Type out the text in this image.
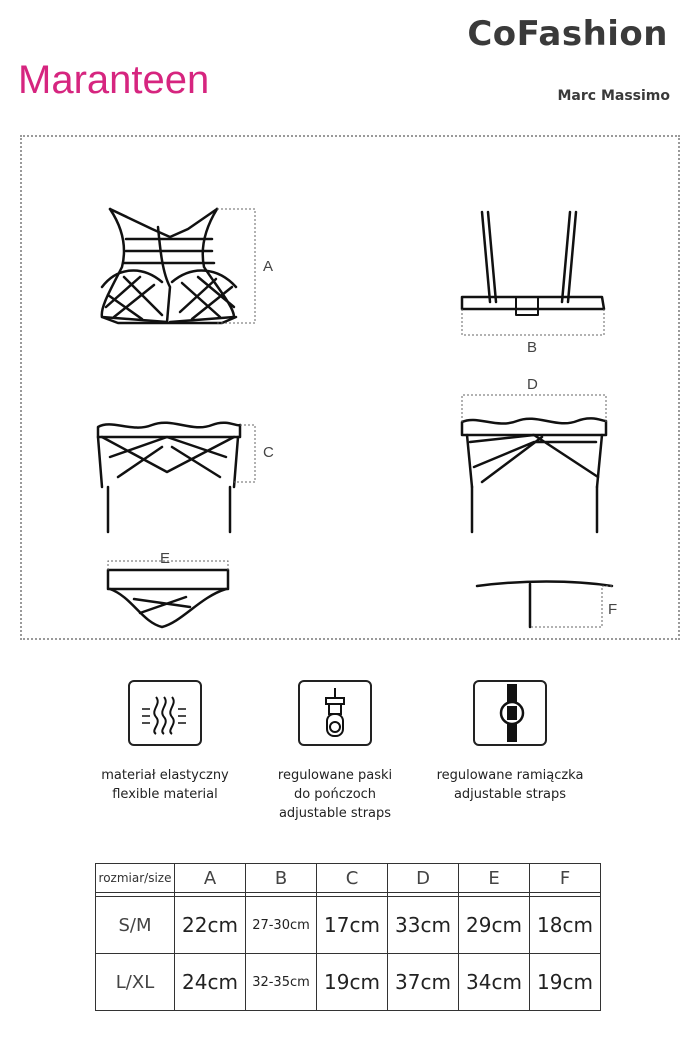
CoFashion
Marc Massimo
Maranteen
A
B
C
D
E
F
materiał elastyczny
flexible material
regulowane paski
do pończoch
adjustable straps
regulowane ramiączka
adjustable straps
rozmiar/size	A	B	C	D	E	F

S/M	22cm	27-30cm	17cm	33cm	29cm	18cm
L/XL	24cm	32-35cm	19cm	37cm	34cm	19cm
